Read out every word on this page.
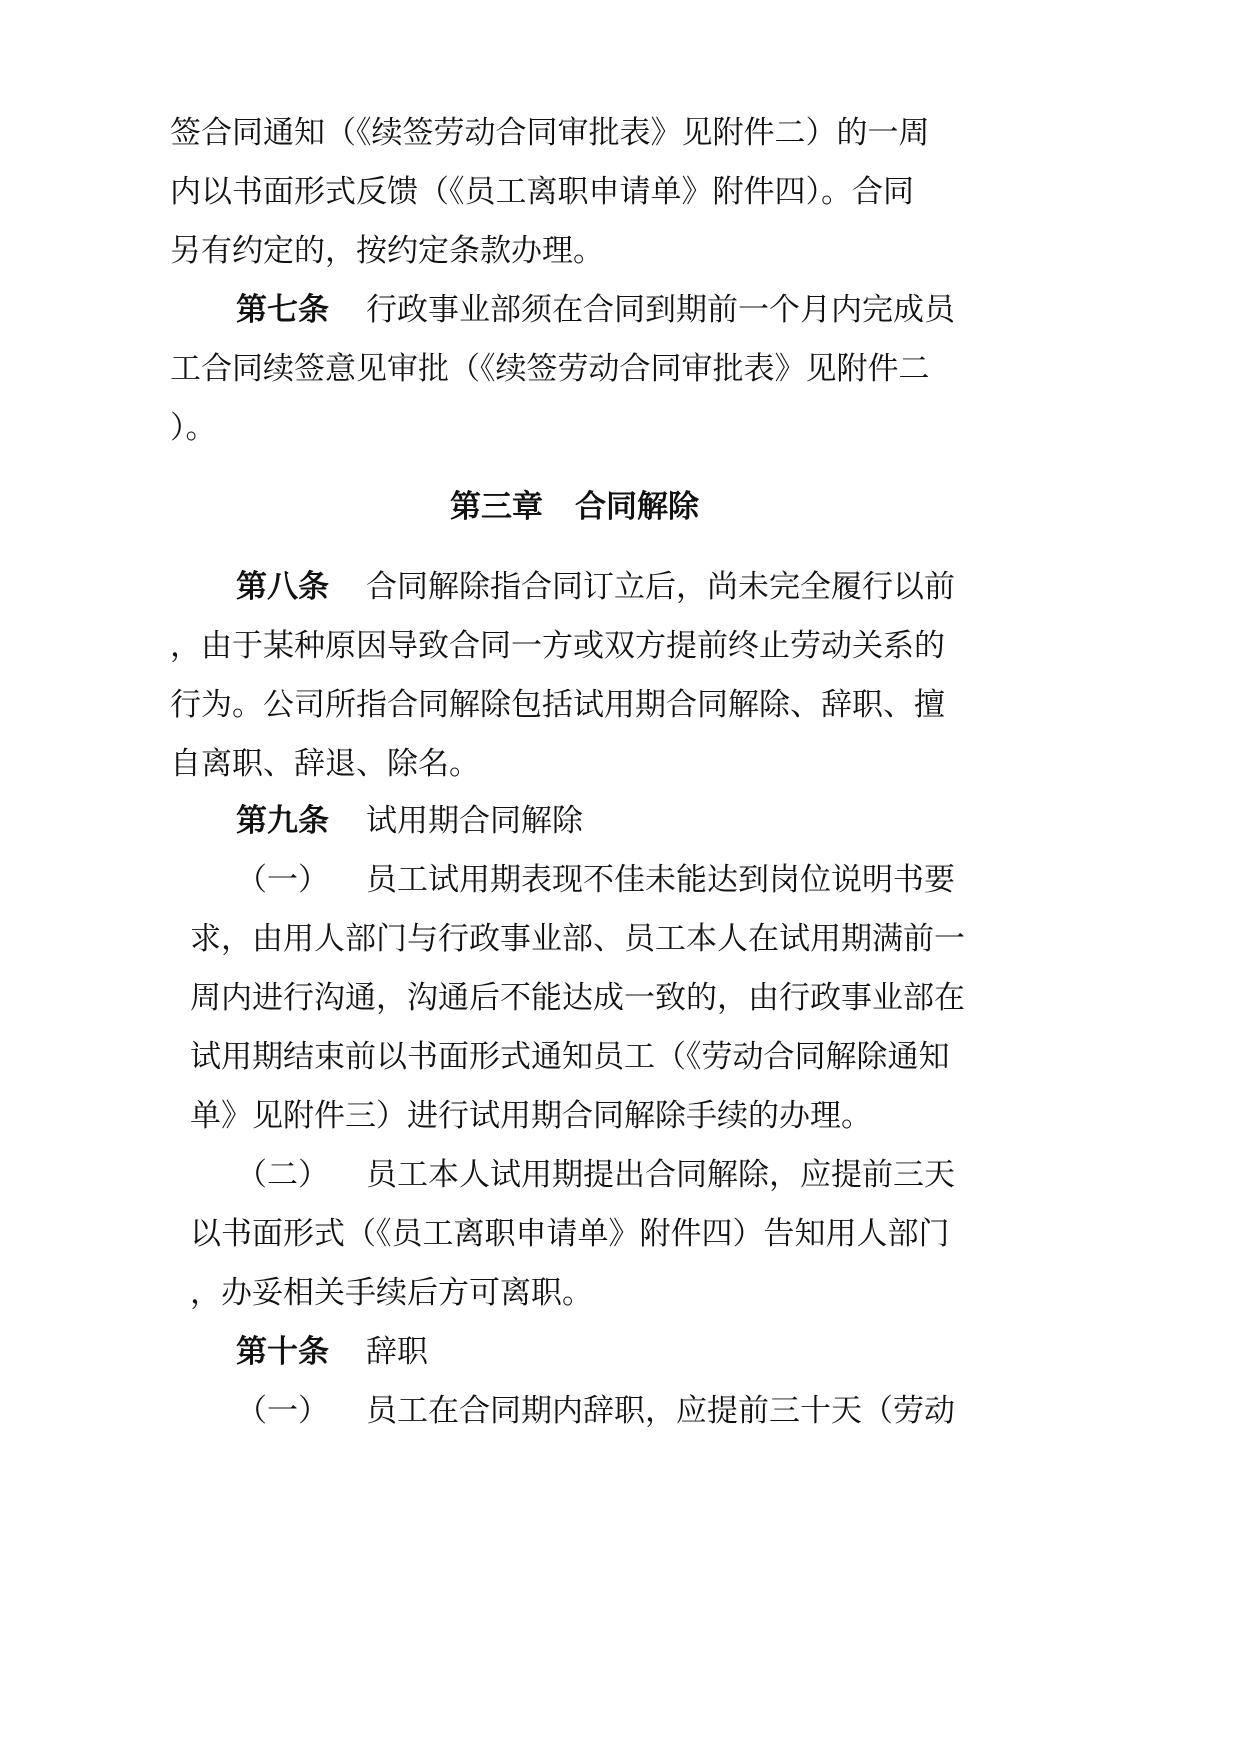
签合同通知（《续签劳动合同审批表》见附件二）的一周
内以书面形式反馈（《员工离职申请单》附件四）。合同
另有约定的，按约定条款办理。
第七条 行政事业部须在合同到期前一个月内完成员
工合同续签意见审批（《续签劳动合同审批表》见附件二
）。
第三章 合同解除
第八条 合同解除指合同订立后，尚未完全履行以前
，由于某种原因导致合同一方或双方提前终止劳动关系的
行为。公司所指合同解除包括试用期合同解除、辞职、擅
自离职、辞退、除名。
第九条 试用期合同解除
（一） 员工试用期表现不佳未能达到岗位说明书要
求，由用人部门与行政事业部、员工本人在试用期满前一
周内进行沟通，沟通后不能达成一致的，由行政事业部在
试用期结束前以书面形式通知员工（《劳动合同解除通知
单》见附件三）进行试用期合同解除手续的办理。
（二） 员工本人试用期提出合同解除，应提前三天
以书面形式（《员工离职申请单》附件四）告知用人部门
，办妥相关手续后方可离职。
第十条 辞职
（一） 员工在合同期内辞职，应提前三十天（劳动
